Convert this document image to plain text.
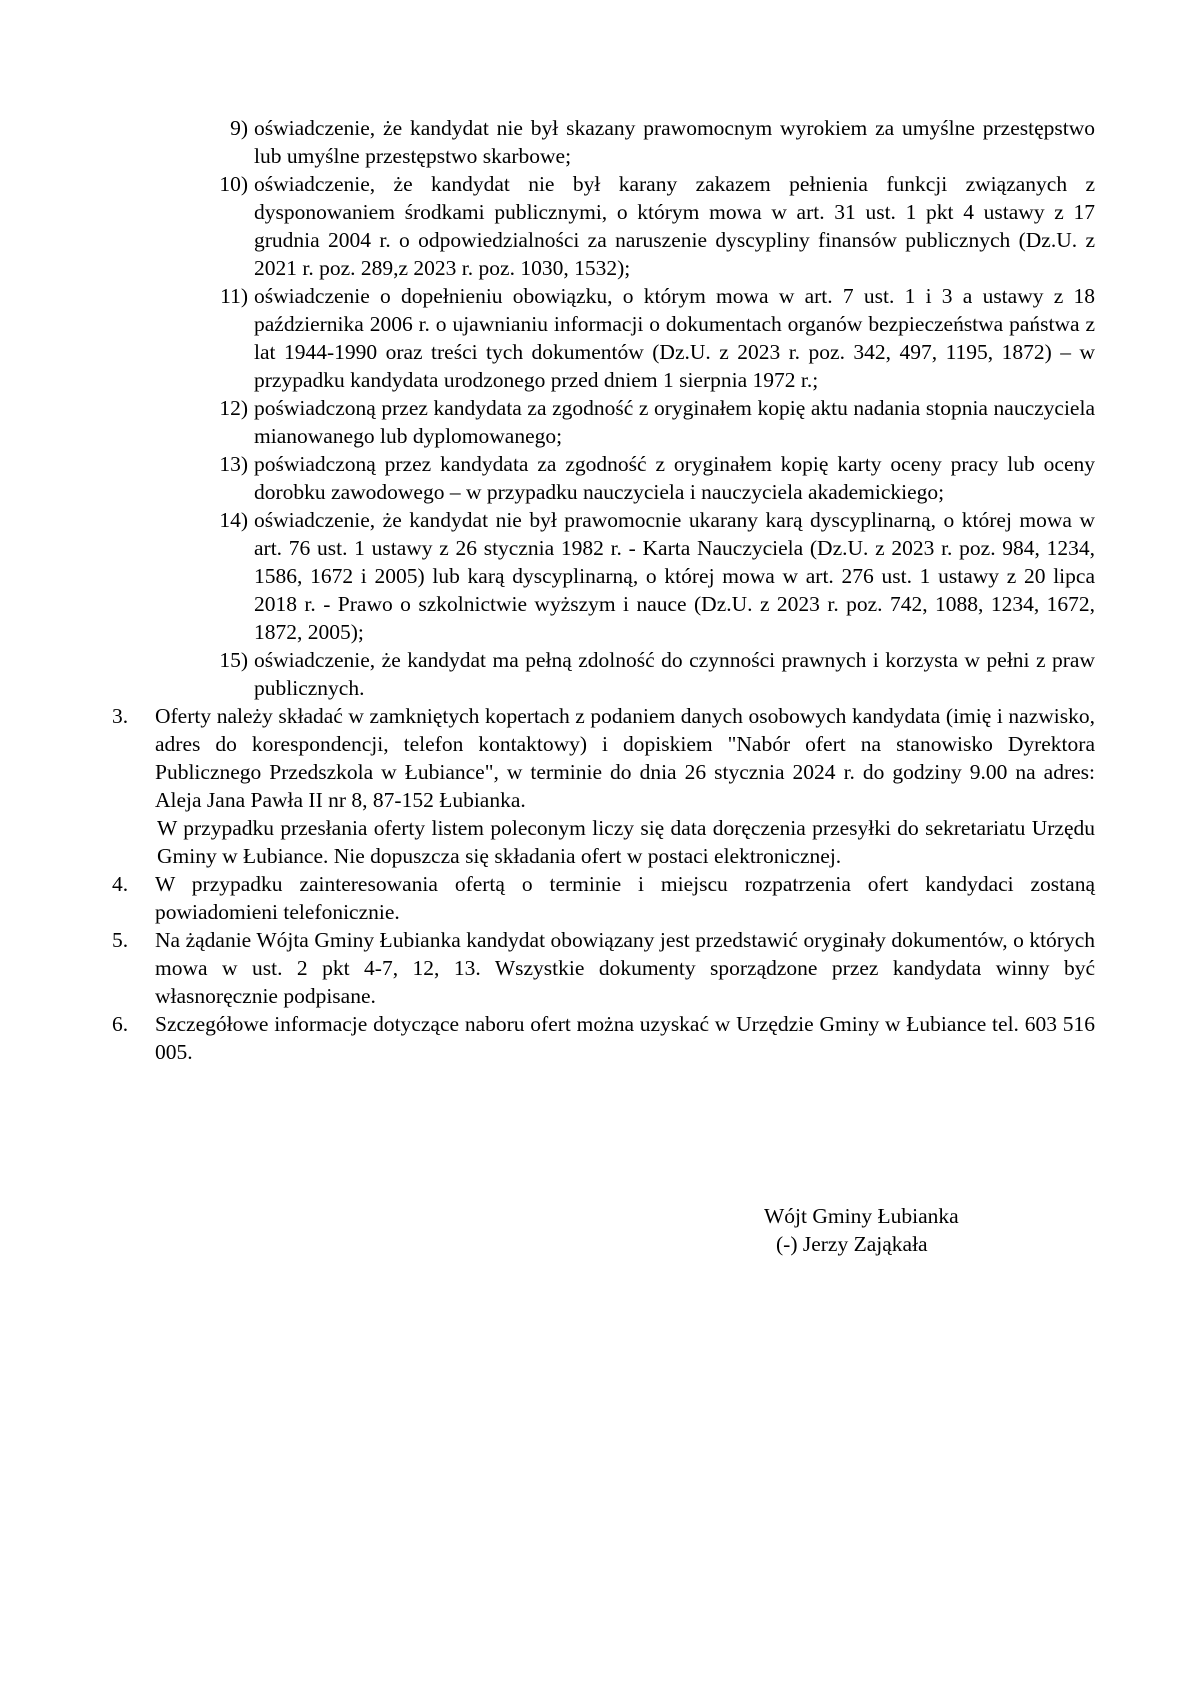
9) oświadczenie, że kandydat nie był skazany prawomocnym wyrokiem za umyślne przestępstwo lub umyślne przestępstwo skarbowe;
10) oświadczenie, że kandydat nie był karany zakazem pełnienia funkcji związanych z dysponowaniem środkami publicznymi, o którym mowa w art. 31 ust. 1 pkt 4 ustawy z 17 grudnia 2004 r. o odpowiedzialności za naruszenie dyscypliny finansów publicznych (Dz.U. z 2021 r. poz. 289,z 2023 r. poz. 1030, 1532);
11) oświadczenie o dopełnieniu obowiązku, o którym mowa w art. 7 ust. 1 i 3 a ustawy z 18 października 2006 r. o ujawnianiu informacji o dokumentach organów bezpieczeństwa państwa z lat 1944-1990 oraz treści tych dokumentów (Dz.U. z 2023 r. poz. 342, 497, 1195, 1872) – w przypadku kandydata urodzonego przed dniem 1 sierpnia 1972 r.;
12) poświadczoną przez kandydata za zgodność z oryginałem kopię aktu nadania stopnia nauczyciela mianowanego lub dyplomowanego;
13) poświadczoną przez kandydata za zgodność z oryginałem kopię karty oceny pracy lub oceny dorobku zawodowego – w przypadku nauczyciela i nauczyciela akademickiego;
14) oświadczenie, że kandydat nie był prawomocnie ukarany karą dyscyplinarną, o której mowa w art. 76 ust. 1 ustawy z 26 stycznia 1982 r. - Karta Nauczyciela (Dz.U. z 2023 r. poz. 984, 1234, 1586, 1672 i 2005) lub karą dyscyplinarną, o której mowa w art. 276 ust. 1 ustawy z 20 lipca 2018 r. - Prawo o szkolnictwie wyższym i nauce (Dz.U. z 2023 r. poz. 742, 1088, 1234, 1672, 1872, 2005);
15) oświadczenie, że kandydat ma pełną zdolność do czynności prawnych i korzysta w pełni z praw publicznych.
3.	Oferty należy składać w zamkniętych kopertach z podaniem danych osobowych kandydata (imię i nazwisko, adres do korespondencji, telefon kontaktowy) i dopiskiem "Nabór ofert na stanowisko Dyrektora Publicznego Przedszkola w Łubiance", w terminie do dnia 26 stycznia 2024 r. do godziny 9.00 na adres: Aleja Jana Pawła II nr 8, 87-152 Łubianka.

W przypadku przesłania oferty listem poleconym liczy się data doręczenia przesyłki do sekretariatu Urzędu Gminy w Łubiance. Nie dopuszcza się składania ofert w postaci elektronicznej.

4.	W przypadku zainteresowania ofertą o terminie i miejscu rozpatrzenia ofert kandydaci zostaną powiadomieni telefonicznie.

5.	Na żądanie Wójta Gminy Łubianka kandydat obowiązany jest przedstawić oryginały dokumentów, o których mowa w ust. 2 pkt 4-7, 12, 13. Wszystkie dokumenty sporządzone przez kandydata winny być własnoręcznie podpisane.

6.	Szczegółowe informacje dotyczące naboru ofert można uzyskać w Urzędzie Gminy w Łubiance tel. 603 516 005.

Wójt Gminy Łubianka
(-) Jerzy Zająkała
